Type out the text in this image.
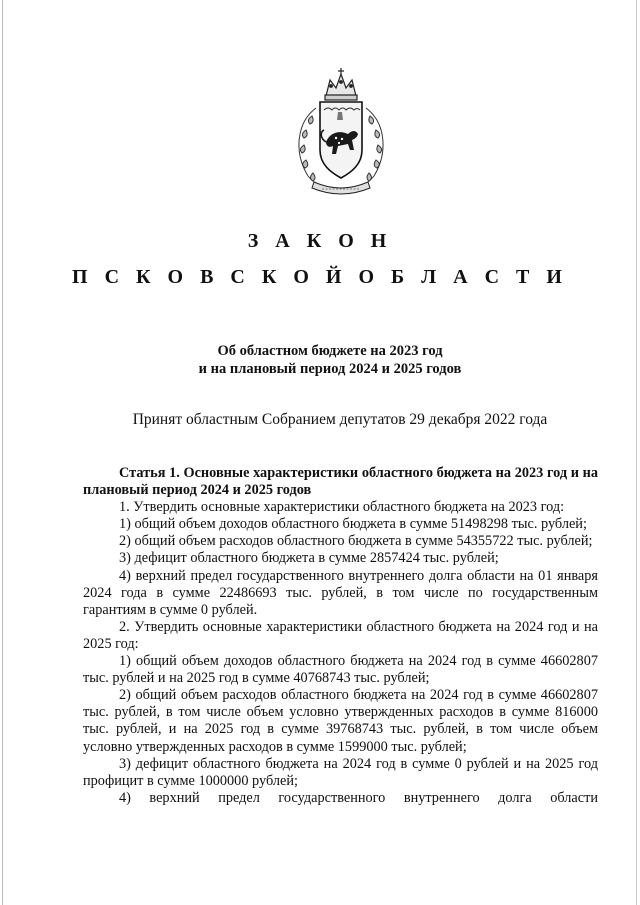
З А К О Н
П С К О В С К О Й О Б Л А С Т И
Об областном бюджете на 2023 год
и на плановый период 2024 и 2025 годов
Принят областным Собранием депутатов 29 декабря 2022 года

Статья 1. Основные характеристики областного бюджета на 2023 год и на плановый период 2024 и 2025 годов

1. Утвердить основные характеристики областного бюджета на 2023 год:

1) общий объем доходов областного бюджета в сумме 51498298 тыс. рублей;

2) общий объем расходов областного бюджета в сумме 54355722 тыс. рублей;

3) дефицит областного бюджета в сумме 2857424 тыс. рублей;

4) верхний предел государственного внутреннего долга области на 01 января 2024 года в сумме 22486693 тыс. рублей, в том числе по государственным гарантиям в сумме 0 рублей.

2. Утвердить основные характеристики областного бюджета на 2024 год и на 2025 год:

1) общий объем доходов областного бюджета на 2024 год в сумме 46602807 тыс. рублей и на 2025 год в сумме 40768743 тыс. рублей;

2) общий объем расходов областного бюджета на 2024 год в сумме 46602807 тыс. рублей, в том числе объем условно утвержденных расходов в сумме 816000 тыс. рублей, и на 2025 год в сумме 39768743 тыс. рублей, в том числе объем условно утвержденных расходов в сумме 1599000 тыс. рублей;

3) дефицит областного бюджета на 2024 год в сумме 0 рублей и на 2025 год профицит в сумме 1000000 рублей;

4) верхний предел государственного внутреннего долга области
